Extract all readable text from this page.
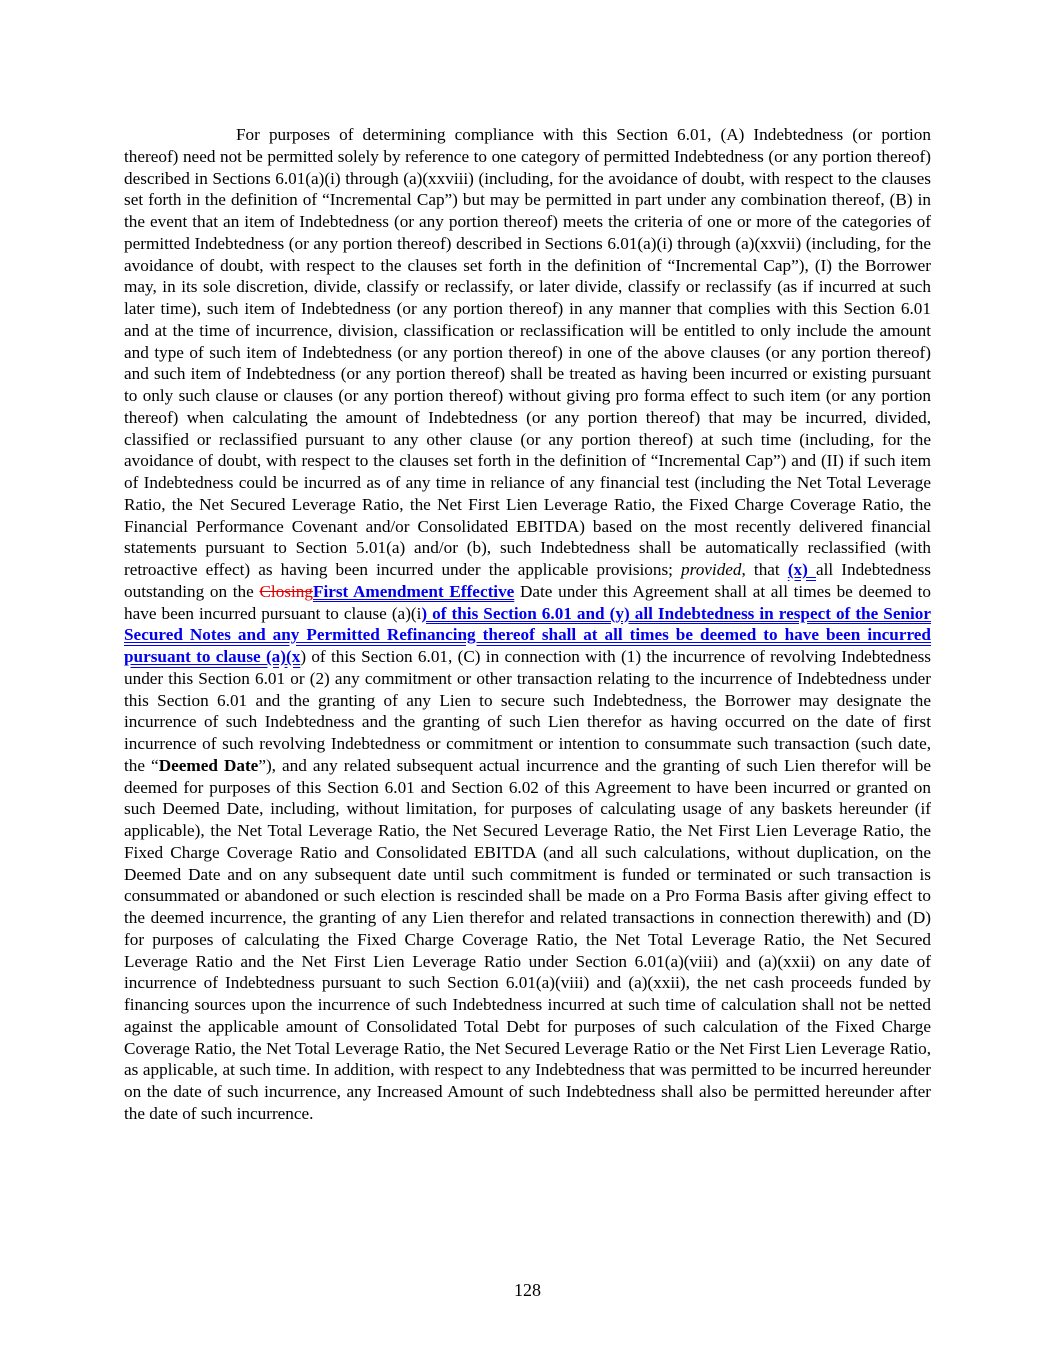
For purposes of determining compliance with this Section 6.01, (A) Indebtedness (or portion thereof) need not be permitted solely by reference to one category of permitted Indebtedness (or any portion thereof) described in Sections 6.01(a)(i) through (a)(xxviii) (including, for the avoidance of doubt, with respect to the clauses set forth in the definition of “Incremental Cap”) but may be permitted in part under any combination thereof, (B) in the event that an item of Indebtedness (or any portion thereof) meets the criteria of one or more of the categories of permitted Indebtedness (or any portion thereof) described in Sections 6.01(a)(i) through (a)(xxvii) (including, for the avoidance of doubt, with respect to the clauses set forth in the definition of “Incremental Cap”), (I) the Borrower may, in its sole discretion, divide, classify or reclassify, or later divide, classify or reclassify (as if incurred at such later time), such item of Indebtedness (or any portion thereof) in any manner that complies with this Section 6.01 and at the time of incurrence, division, classification or reclassification will be entitled to only include the amount and type of such item of Indebtedness (or any portion thereof) in one of the above clauses (or any portion thereof) and such item of Indebtedness (or any portion thereof) shall be treated as having been incurred or existing pursuant to only such clause or clauses (or any portion thereof) without giving pro forma effect to such item (or any portion thereof) when calculating the amount of Indebtedness (or any portion thereof) that may be incurred, divided, classified or reclassified pursuant to any other clause (or any portion thereof) at such time (including, for the avoidance of doubt, with respect to the clauses set forth in the definition of “Incremental Cap”) and (II) if such item of Indebtedness could be incurred as of any time in reliance of any financial test (including the Net Total Leverage Ratio, the Net Secured Leverage Ratio, the Net First Lien Leverage Ratio, the Fixed Charge Coverage Ratio, the Financial Performance Covenant and/or Consolidated EBITDA) based on the most recently delivered financial statements pursuant to Section 5.01(a) and/or (b), such Indebtedness shall be automatically reclassified (with retroactive effect) as having been incurred under the applicable provisions; provided, that (x) all Indebtedness outstanding on the ClosingFirst Amendment Effective Date under this Agreement shall at all times be deemed to have been incurred pursuant to clause (a)(i) of this Section 6.01 and (y) all Indebtedness in respect of the Senior Secured Notes and any Permitted Refinancing thereof shall at all times be deemed to have been incurred pursuant to clause (a)(x) of this Section 6.01, (C) in connection with (1) the incurrence of revolving Indebtedness under this Section 6.01 or (2) any commitment or other transaction relating to the incurrence of Indebtedness under this Section 6.01 and the granting of any Lien to secure such Indebtedness, the Borrower may designate the incurrence of such Indebtedness and the granting of such Lien therefor as having occurred on the date of first incurrence of such revolving Indebtedness or commitment or intention to consummate such transaction (such date, the “Deemed Date”), and any related subsequent actual incurrence and the granting of such Lien therefor will be deemed for purposes of this Section 6.01 and Section 6.02 of this Agreement to have been incurred or granted on such Deemed Date, including, without limitation, for purposes of calculating usage of any baskets hereunder (if applicable), the Net Total Leverage Ratio, the Net Secured Leverage Ratio, the Net First Lien Leverage Ratio, the Fixed Charge Coverage Ratio and Consolidated EBITDA (and all such calculations, without duplication, on the Deemed Date and on any subsequent date until such commitment is funded or terminated or such transaction is consummated or abandoned or such election is rescinded shall be made on a Pro Forma Basis after giving effect to the deemed incurrence, the granting of any Lien therefor and related transactions in connection therewith) and (D) for purposes of calculating the Fixed Charge Coverage Ratio, the Net Total Leverage Ratio, the Net Secured Leverage Ratio and the Net First Lien Leverage Ratio under Section 6.01(a)(viii) and (a)(xxii) on any date of incurrence of Indebtedness pursuant to such Section 6.01(a)(viii) and (a)(xxii), the net cash proceeds funded by financing sources upon the incurrence of such Indebtedness incurred at such time of calculation shall not be netted against the applicable amount of Consolidated Total Debt for purposes of such calculation of the Fixed Charge Coverage Ratio, the Net Total Leverage Ratio, the Net Secured Leverage Ratio or the Net First Lien Leverage Ratio, as applicable, at such time. In addition, with respect to any Indebtedness that was permitted to be incurred hereunder on the date of such incurrence, any Increased Amount of such Indebtedness shall also be permitted hereunder after the date of such incurrence.

128
